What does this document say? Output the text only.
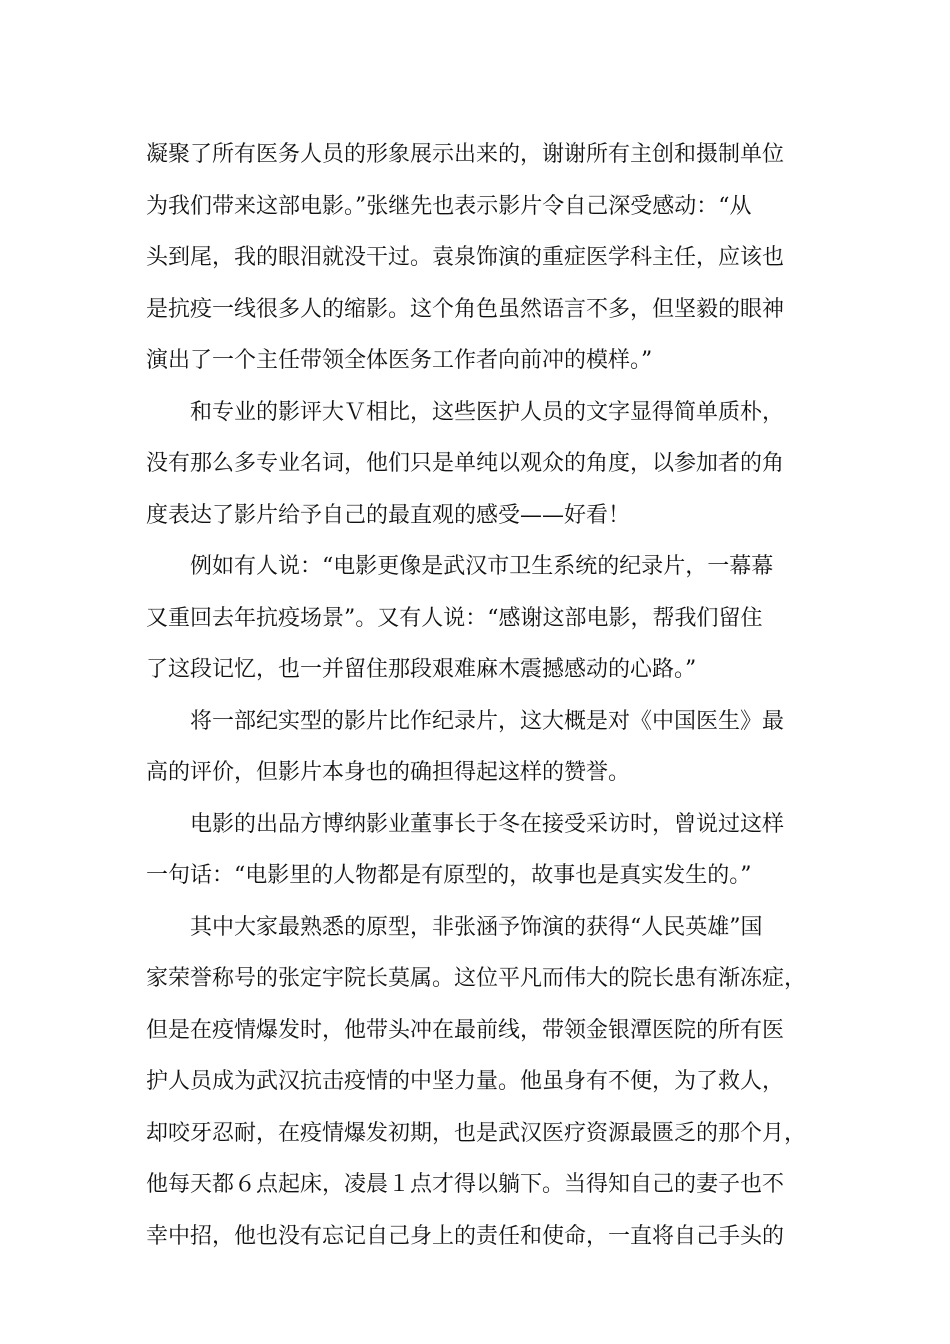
凝聚了所有医务人员的形象展示出来的，谢谢所有主创和摄制单位
为我们带来这部电影。”张继先也表示影片令自己深受感动：“从
头到尾，我的眼泪就没干过。袁泉饰演的重症医学科主任，应该也
是抗疫一线很多人的缩影。这个角色虽然语言不多，但坚毅的眼神
演出了一个主任带领全体医务工作者向前冲的模样。”
和专业的影评大Ｖ相比，这些医护人员的文字显得简单质朴，
没有那么多专业名词，他们只是单纯以观众的角度，以参加者的角
度表达了影片给予自己的最直观的感受——好看！
例如有人说：“电影更像是武汉市卫生系统的纪录片，一幕幕
又重回去年抗疫场景”。又有人说：“感谢这部电影，帮我们留住
了这段记忆，也一并留住那段艰难麻木震撼感动的心路。”
将一部纪实型的影片比作纪录片，这大概是对《中国医生》最
高的评价，但影片本身也的确担得起这样的赞誉。
电影的出品方博纳影业董事长于冬在接受采访时，曾说过这样
一句话：“电影里的人物都是有原型的，故事也是真实发生的。”
其中大家最熟悉的原型，非张涵予饰演的获得“人民英雄”国
家荣誉称号的张定宇院长莫属。这位平凡而伟大的院长患有渐冻症，
但是在疫情爆发时，他带头冲在最前线，带领金银潭医院的所有医
护人员成为武汉抗击疫情的中坚力量。他虽身有不便，为了救人，
却咬牙忍耐，在疫情爆发初期，也是武汉医疗资源最匮乏的那个月，
他每天都６点起床，凌晨１点才得以躺下。当得知自己的妻子也不
幸中招，他也没有忘记自己身上的责任和使命，一直将自己手头的
